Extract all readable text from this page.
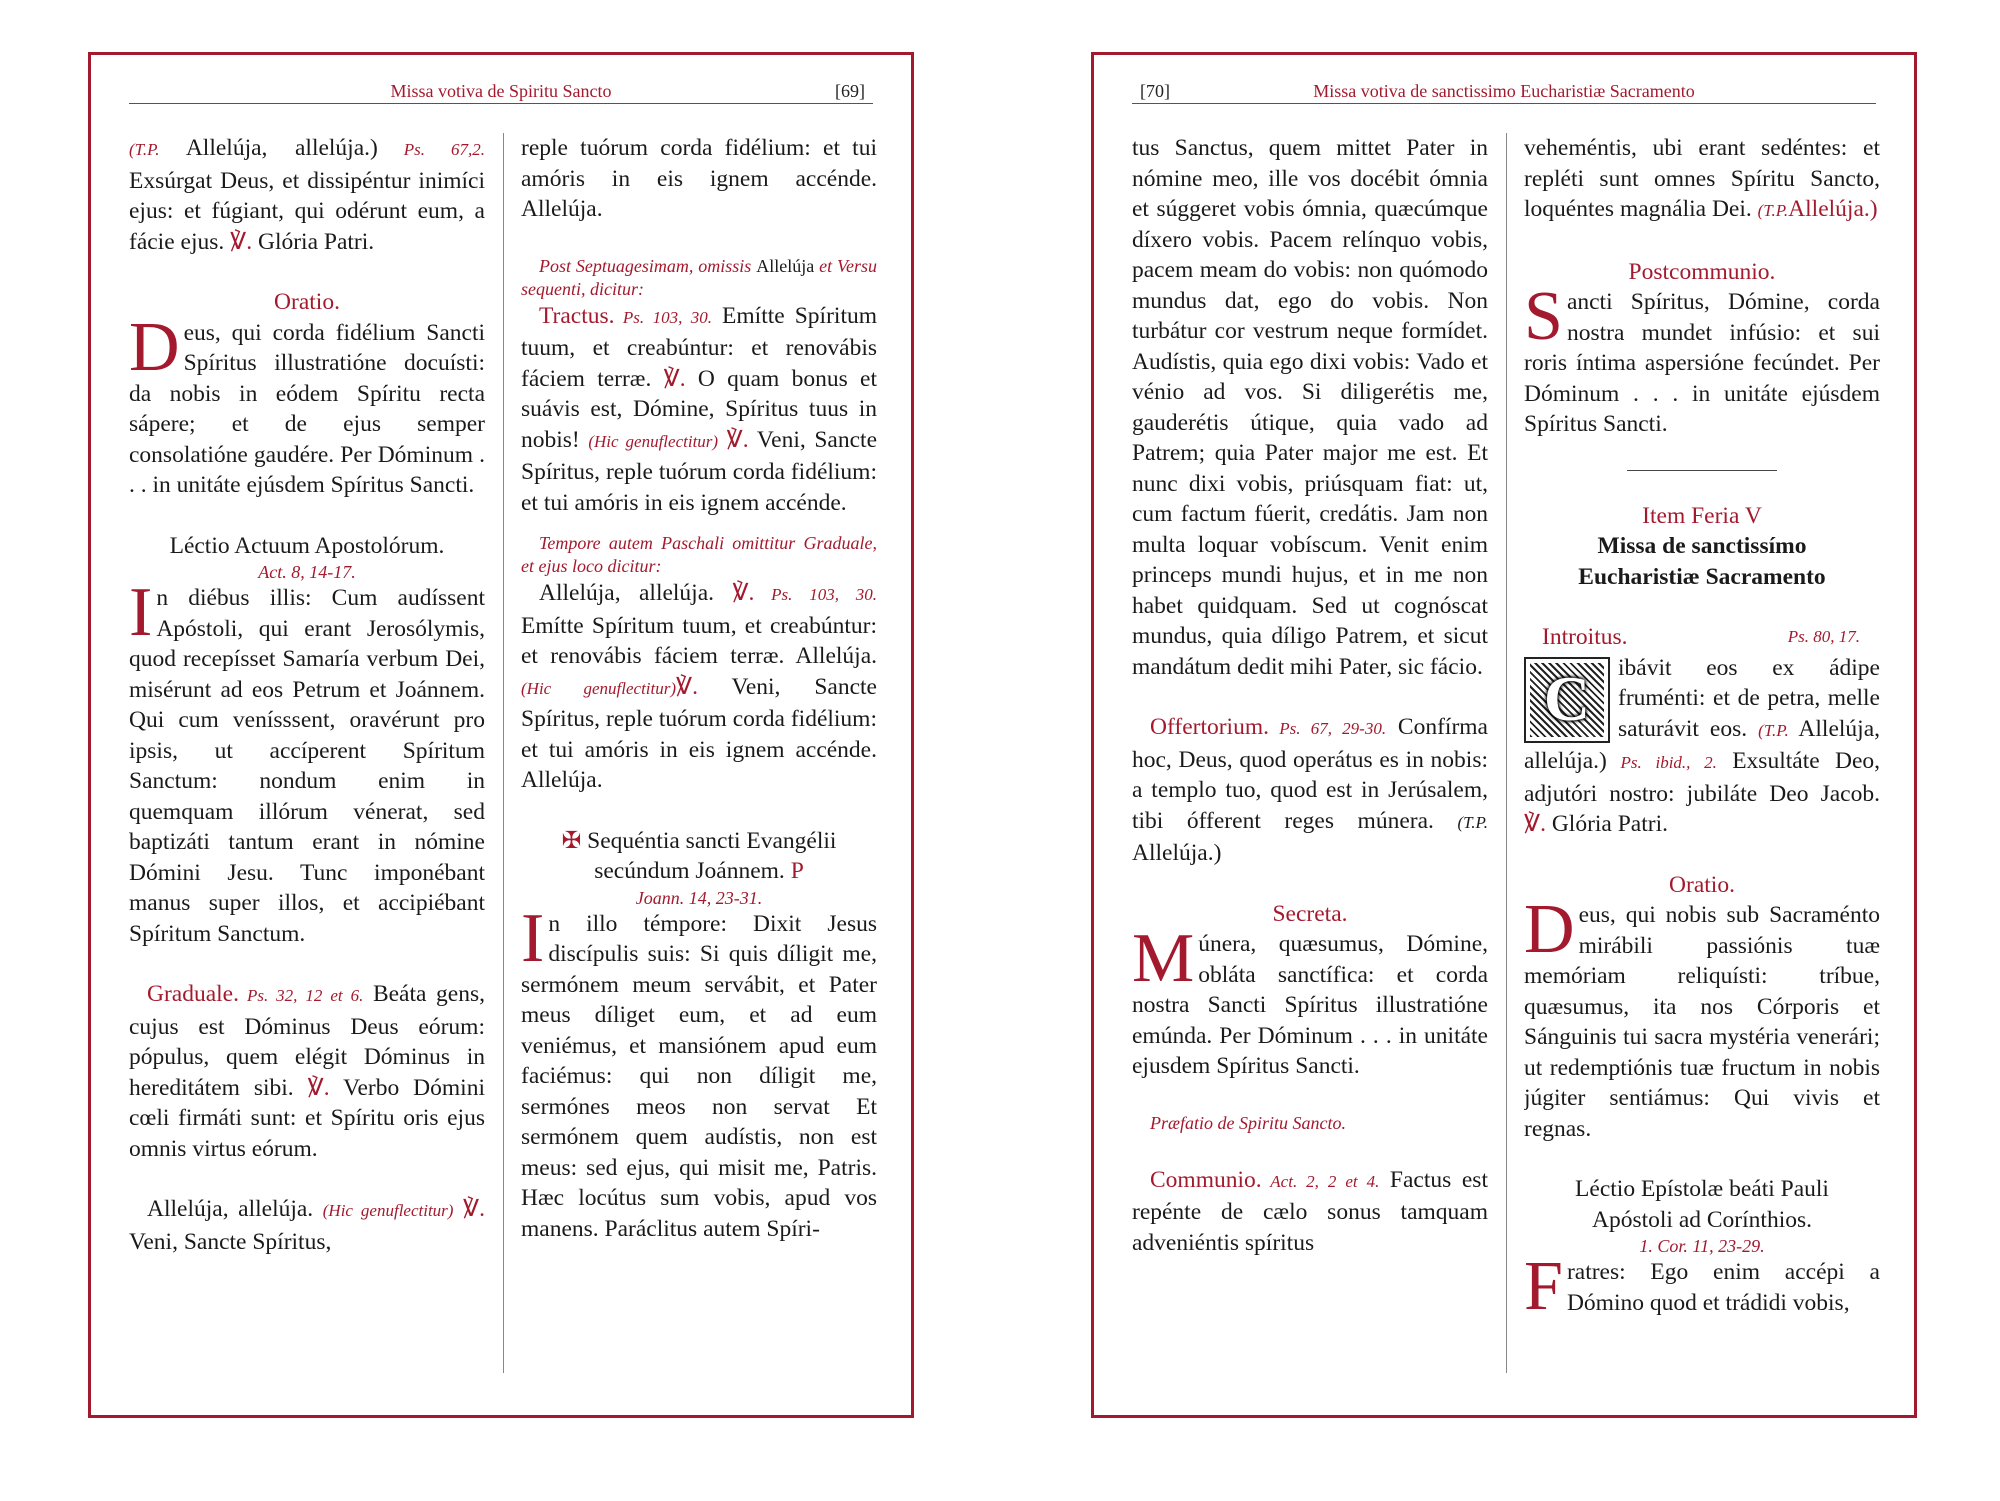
Missa votiva de Spiritu Sancto	[69]

(T.P. Allelúja, allelúja.) Ps. 67,2. Exsúrgat Deus, et dissipéntur inimíci ejus: et fúgiant, qui odérunt eum, a fácie ejus. ℣. Glória Patri.

Oratio.

Deus, qui corda fidélium Sancti Spíritus illustratióne docuísti: da nobis in eódem Spíritu recta sápere; et de ejus semper consolatióne gaudére. Per Dóminum . . . in unitáte ejúsdem Spíritus Sancti.

Léctio Actuum Apostolórum.

Act. 8, 14-17.

In diébus illis: Cum audíssent Apóstoli, qui erant Jerosólymis, quod recepísset Samaría verbum Dei, misérunt ad eos Petrum et Joánnem. Qui cum venísssent, oravérunt pro ipsis, ut accíperent Spíritum Sanctum: nondum enim in quemquam illórum vénerat, sed baptizáti tantum erant in nómine Dómini Jesu. Tunc imponébant manus super illos, et accipiébant Spíritum Sanctum.

Graduale. Ps. 32, 12 et 6. Beáta gens, cujus est Dóminus Deus eórum: pópulus, quem elégit Dóminus in hereditátem sibi. ℣. Verbo Dómini cœli firmáti sunt: et Spíritu oris ejus omnis virtus eórum.

Allelúja, allelúja. (Hic genuflectitur) ℣. Veni, Sancte Spíritus,

reple tuórum corda fidélium: et tui amóris in eis ignem accénde. Allelúja.

Post Septuagesimam, omissis Allelúja et Versu sequenti, dicitur:

Tractus. Ps. 103, 30. Emítte Spíritum tuum, et creabúntur: et renovábis fáciem terræ. ℣. O quam bonus et suávis est, Dómine, Spíritus tuus in nobis! (Hic genuflectitur) ℣. Veni, Sancte Spíritus, reple tuórum corda fidélium: et tui amóris in eis ignem accénde.

Tempore autem Paschali omittitur Graduale, et ejus loco dicitur:

Allelúja, allelúja. ℣. Ps. 103, 30. Emítte Spíritum tuum, et creabúntur: et renovábis fáciem terræ. Allelúja. (Hic genuflectitur)℣. Veni, Sancte Spíritus, reple tuórum corda fidélium: et tui amóris in eis ignem accénde. Allelúja.

✠ Sequéntia sancti Evangélii secúndum Joánnem. P

Joann. 14, 23-31.

In illo témpore: Dixit Jesus discípulis suis: Si quis díligit me, sermónem meum servábit, et Pater meus díliget eum, et ad eum veniémus, et mansiónem apud eum faciémus: qui non díligit me, sermónes meos non servat Et sermónem quem audístis, non est meus: sed ejus, qui misit me, Patris. Hæc locútus sum vobis, apud vos manens. Paráclitus autem Spíri-

[70]	Missa votiva de sanctissimo Eucharistiæ Sacramento

tus Sanctus, quem mittet Pater in nómine meo, ille vos docébit ómnia et súggeret vobis ómnia, quæcúmque díxero vobis. Pacem relínquo vobis, pacem meam do vobis: non quómodo mundus dat, ego do vobis. Non turbátur cor vestrum neque formídet. Audístis, quia ego dixi vobis: Vado et vénio ad vos. Si diligerétis me, gauderétis útique, quia vado ad Patrem; quia Pater major me est. Et nunc dixi vobis, priúsquam fiat: ut, cum factum fúerit, credátis. Jam non multa loquar vobíscum. Venit enim princeps mundi hujus, et in me non habet quidquam. Sed ut cognóscat mundus, quia díligo Patrem, et sicut mandátum dedit mihi Pater, sic fácio.

Offertorium. Ps. 67, 29-30. Confírma hoc, Deus, quod operátus es in nobis: a templo tuo, quod est in Jerúsalem, tibi ófferent reges múnera. (T.P. Allelúja.)

Secreta.

Múnera, quæsumus, Dómine, obláta sanctífica: et corda nostra Sancti Spíritus illustratióne emúnda. Per Dóminum . . . in unitáte ejusdem Spíritus Sancti.

Præfatio de Spiritu Sancto.

Communio. Act. 2, 2 et 4. Factus est repénte de cælo sonus tamquam adveniéntis spíritus

veheméntis, ubi erant sedéntes: et repléti sunt omnes Spíritu Sancto, loquéntes magnália Dei. (T.P.Allelúja.)

Postcommunio.

Sancti Spíritus, Dómine, corda nostra mundet infúsio: et sui roris íntima aspersióne fecúndet. Per Dóminum . . . in unitáte ejúsdem Spíritus Sancti.

Item Feria V

Missa de sanctissímo

Eucharistiæ Sacramento

Introitus.	Ps. 80, 17.

C	ibávit eos ex ádipe fruménti: et de petra, melle saturávit eos. (T.P. Allelúja, allelúja.) Ps. ibid., 2. Exsultáte Deo, adjutóri nostro: jubiláte Deo Jacob. ℣. Glória Patri.

Oratio.

Deus, qui nobis sub Sacraménto mirábili passiónis tuæ memóriam reliquísti: tríbue, quæsumus, ita nos Córporis et Sánguinis tui sacra mystéria venerári; ut redemptiónis tuæ fructum in nobis júgiter sentiámus: Qui vivis et regnas.

Léctio Epístolæ beáti Pauli

Apóstoli ad Corínthios.

1. Cor. 11, 23-29.

Fratres: Ego enim accépi a Dómino quod et trádidi vobis,
